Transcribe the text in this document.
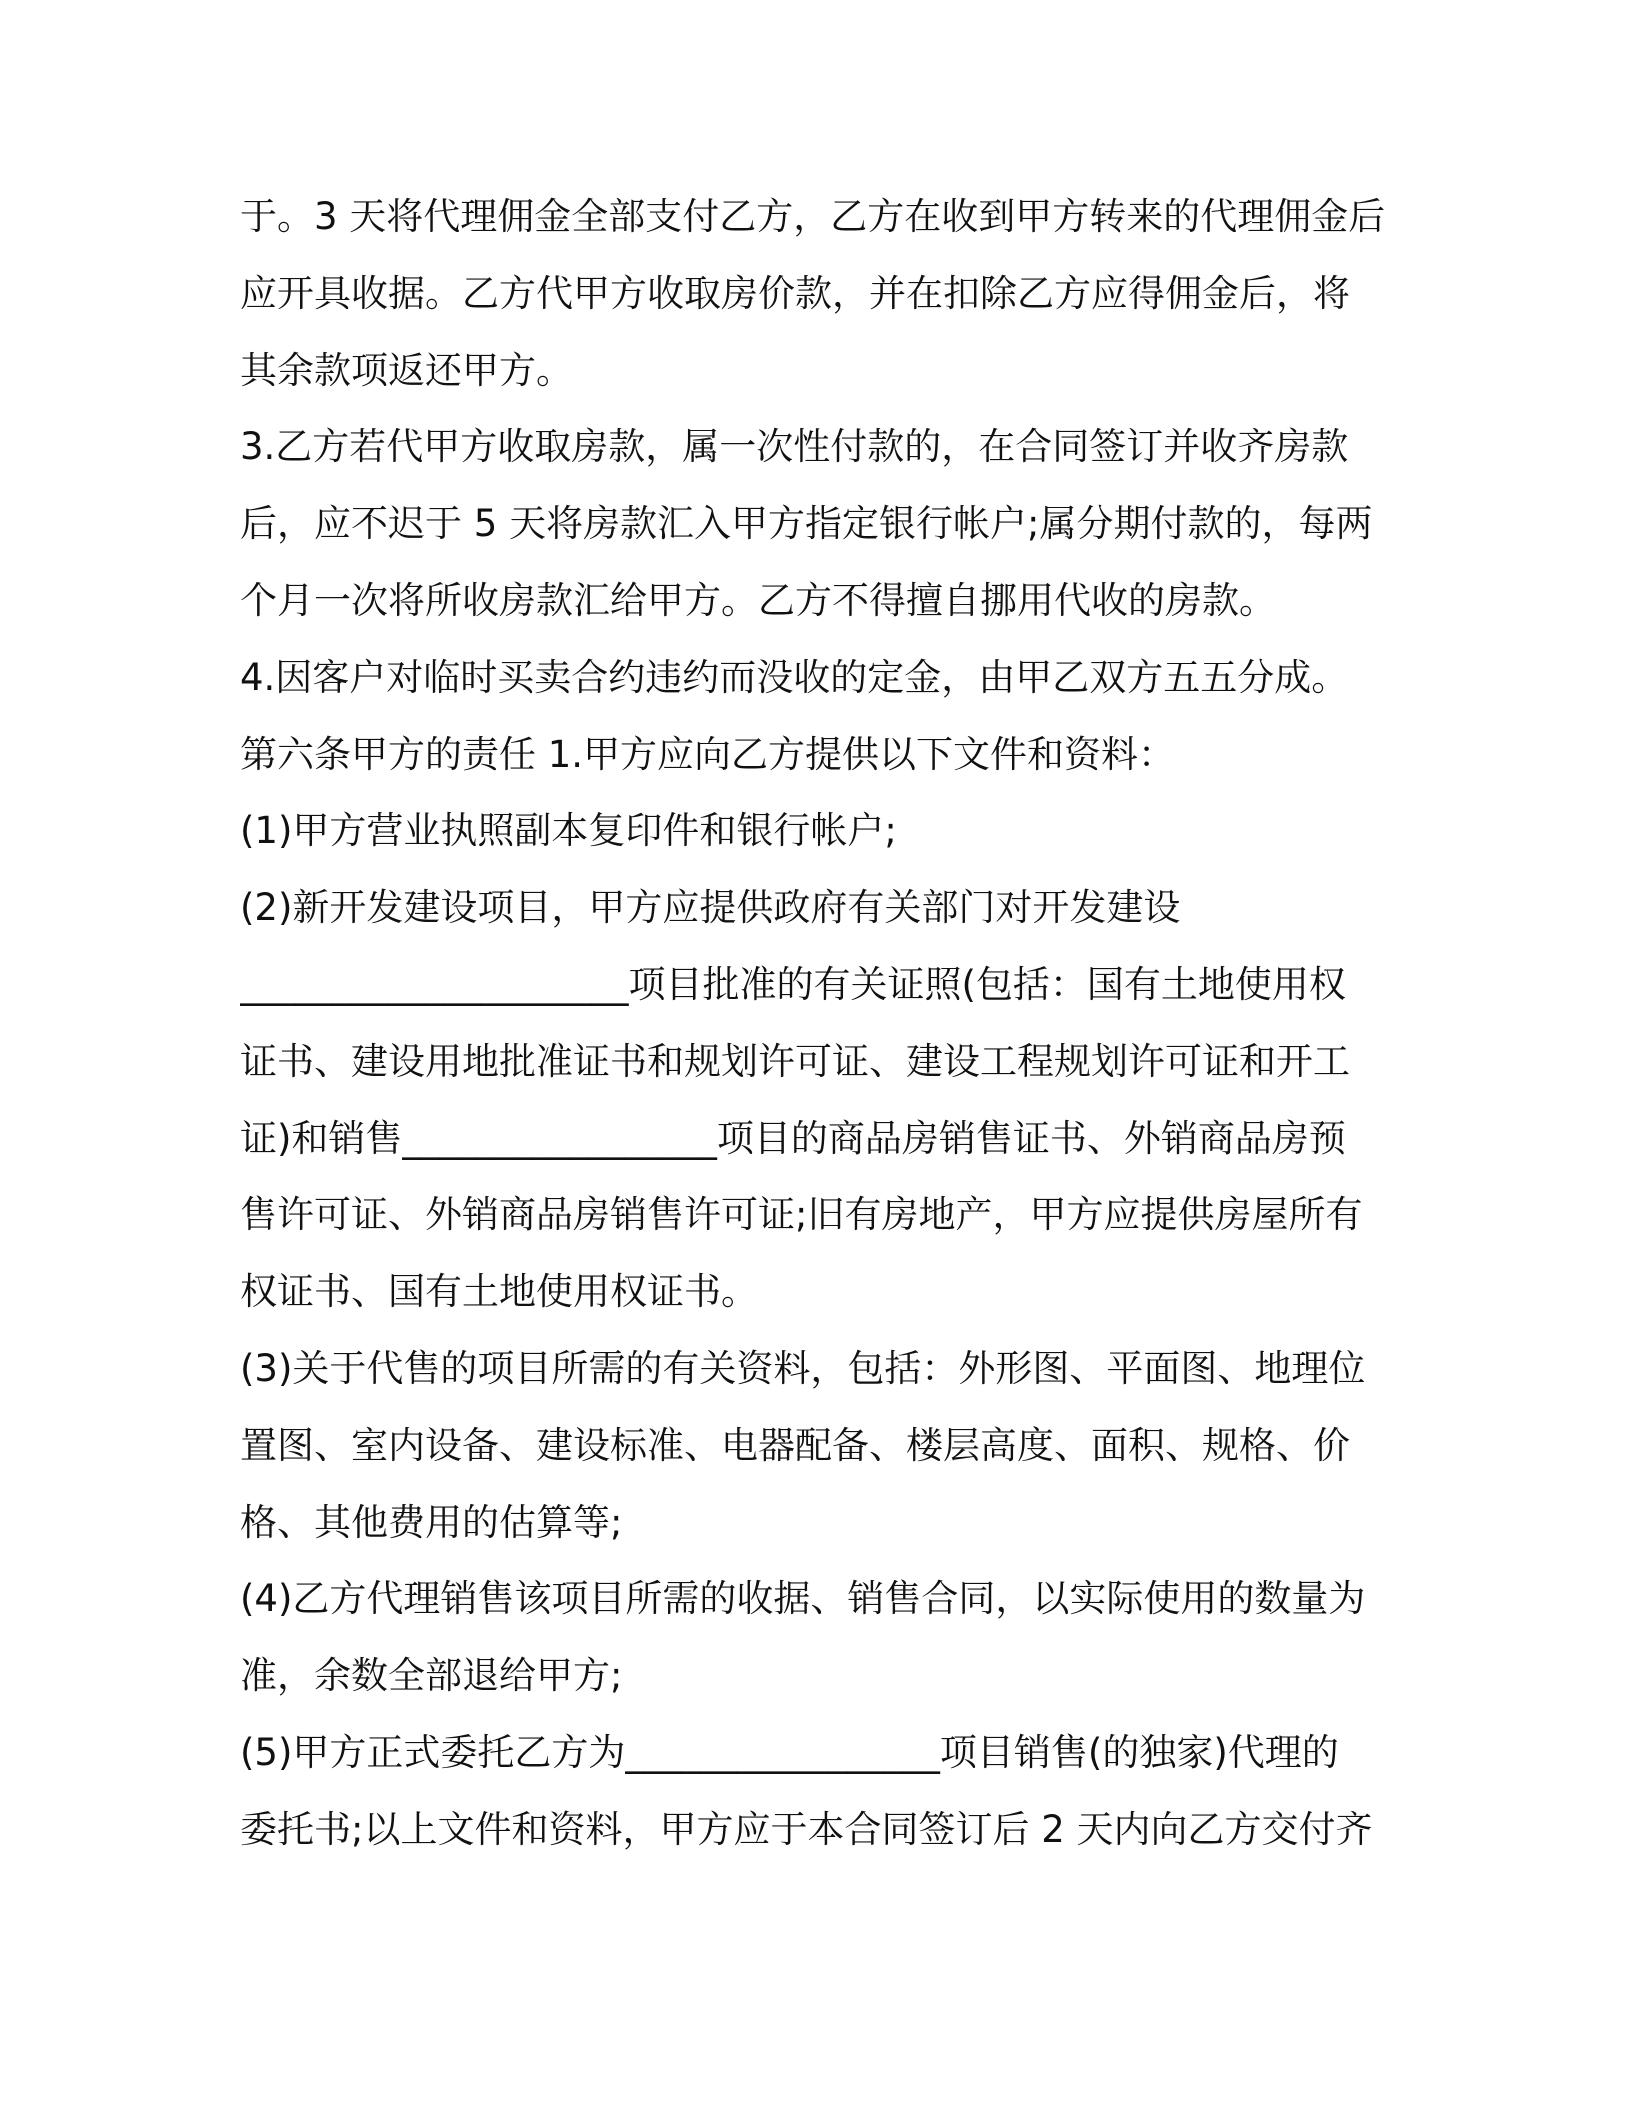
于。3 天将代理佣金全部支付乙方，乙方在收到甲方转来的代理佣金后
应开具收据。乙方代甲方收取房价款，并在扣除乙方应得佣金后，将
其余款项返还甲方。
3.乙方若代甲方收取房款，属一次性付款的，在合同签订并收齐房款
后，应不迟于 5 天将房款汇入甲方指定银行帐户;属分期付款的，每两
个月一次将所收房款汇给甲方。乙方不得擅自挪用代收的房款。
4.因客户对临时买卖合约违约而没收的定金，由甲乙双方五五分成。
第六条甲方的责任 1.甲方应向乙方提供以下文件和资料：
(1)甲方营业执照副本复印件和银行帐户;
(2)新开发建设项目，甲方应提供政府有关部门对开发建设
_____________________项目批准的有关证照(包括：国有土地使用权
证书、建设用地批准证书和规划许可证、建设工程规划许可证和开工
证)和销售_________________项目的商品房销售证书、外销商品房预
售许可证、外销商品房销售许可证;旧有房地产，甲方应提供房屋所有
权证书、国有土地使用权证书。
(3)关于代售的项目所需的有关资料，包括：外形图、平面图、地理位
置图、室内设备、建设标准、电器配备、楼层高度、面积、规格、价
格、其他费用的估算等;
(4)乙方代理销售该项目所需的收据、销售合同，以实际使用的数量为
准，余数全部退给甲方;
(5)甲方正式委托乙方为_________________项目销售(的独家)代理的
委托书;以上文件和资料，甲方应于本合同签订后 2 天内向乙方交付齐
